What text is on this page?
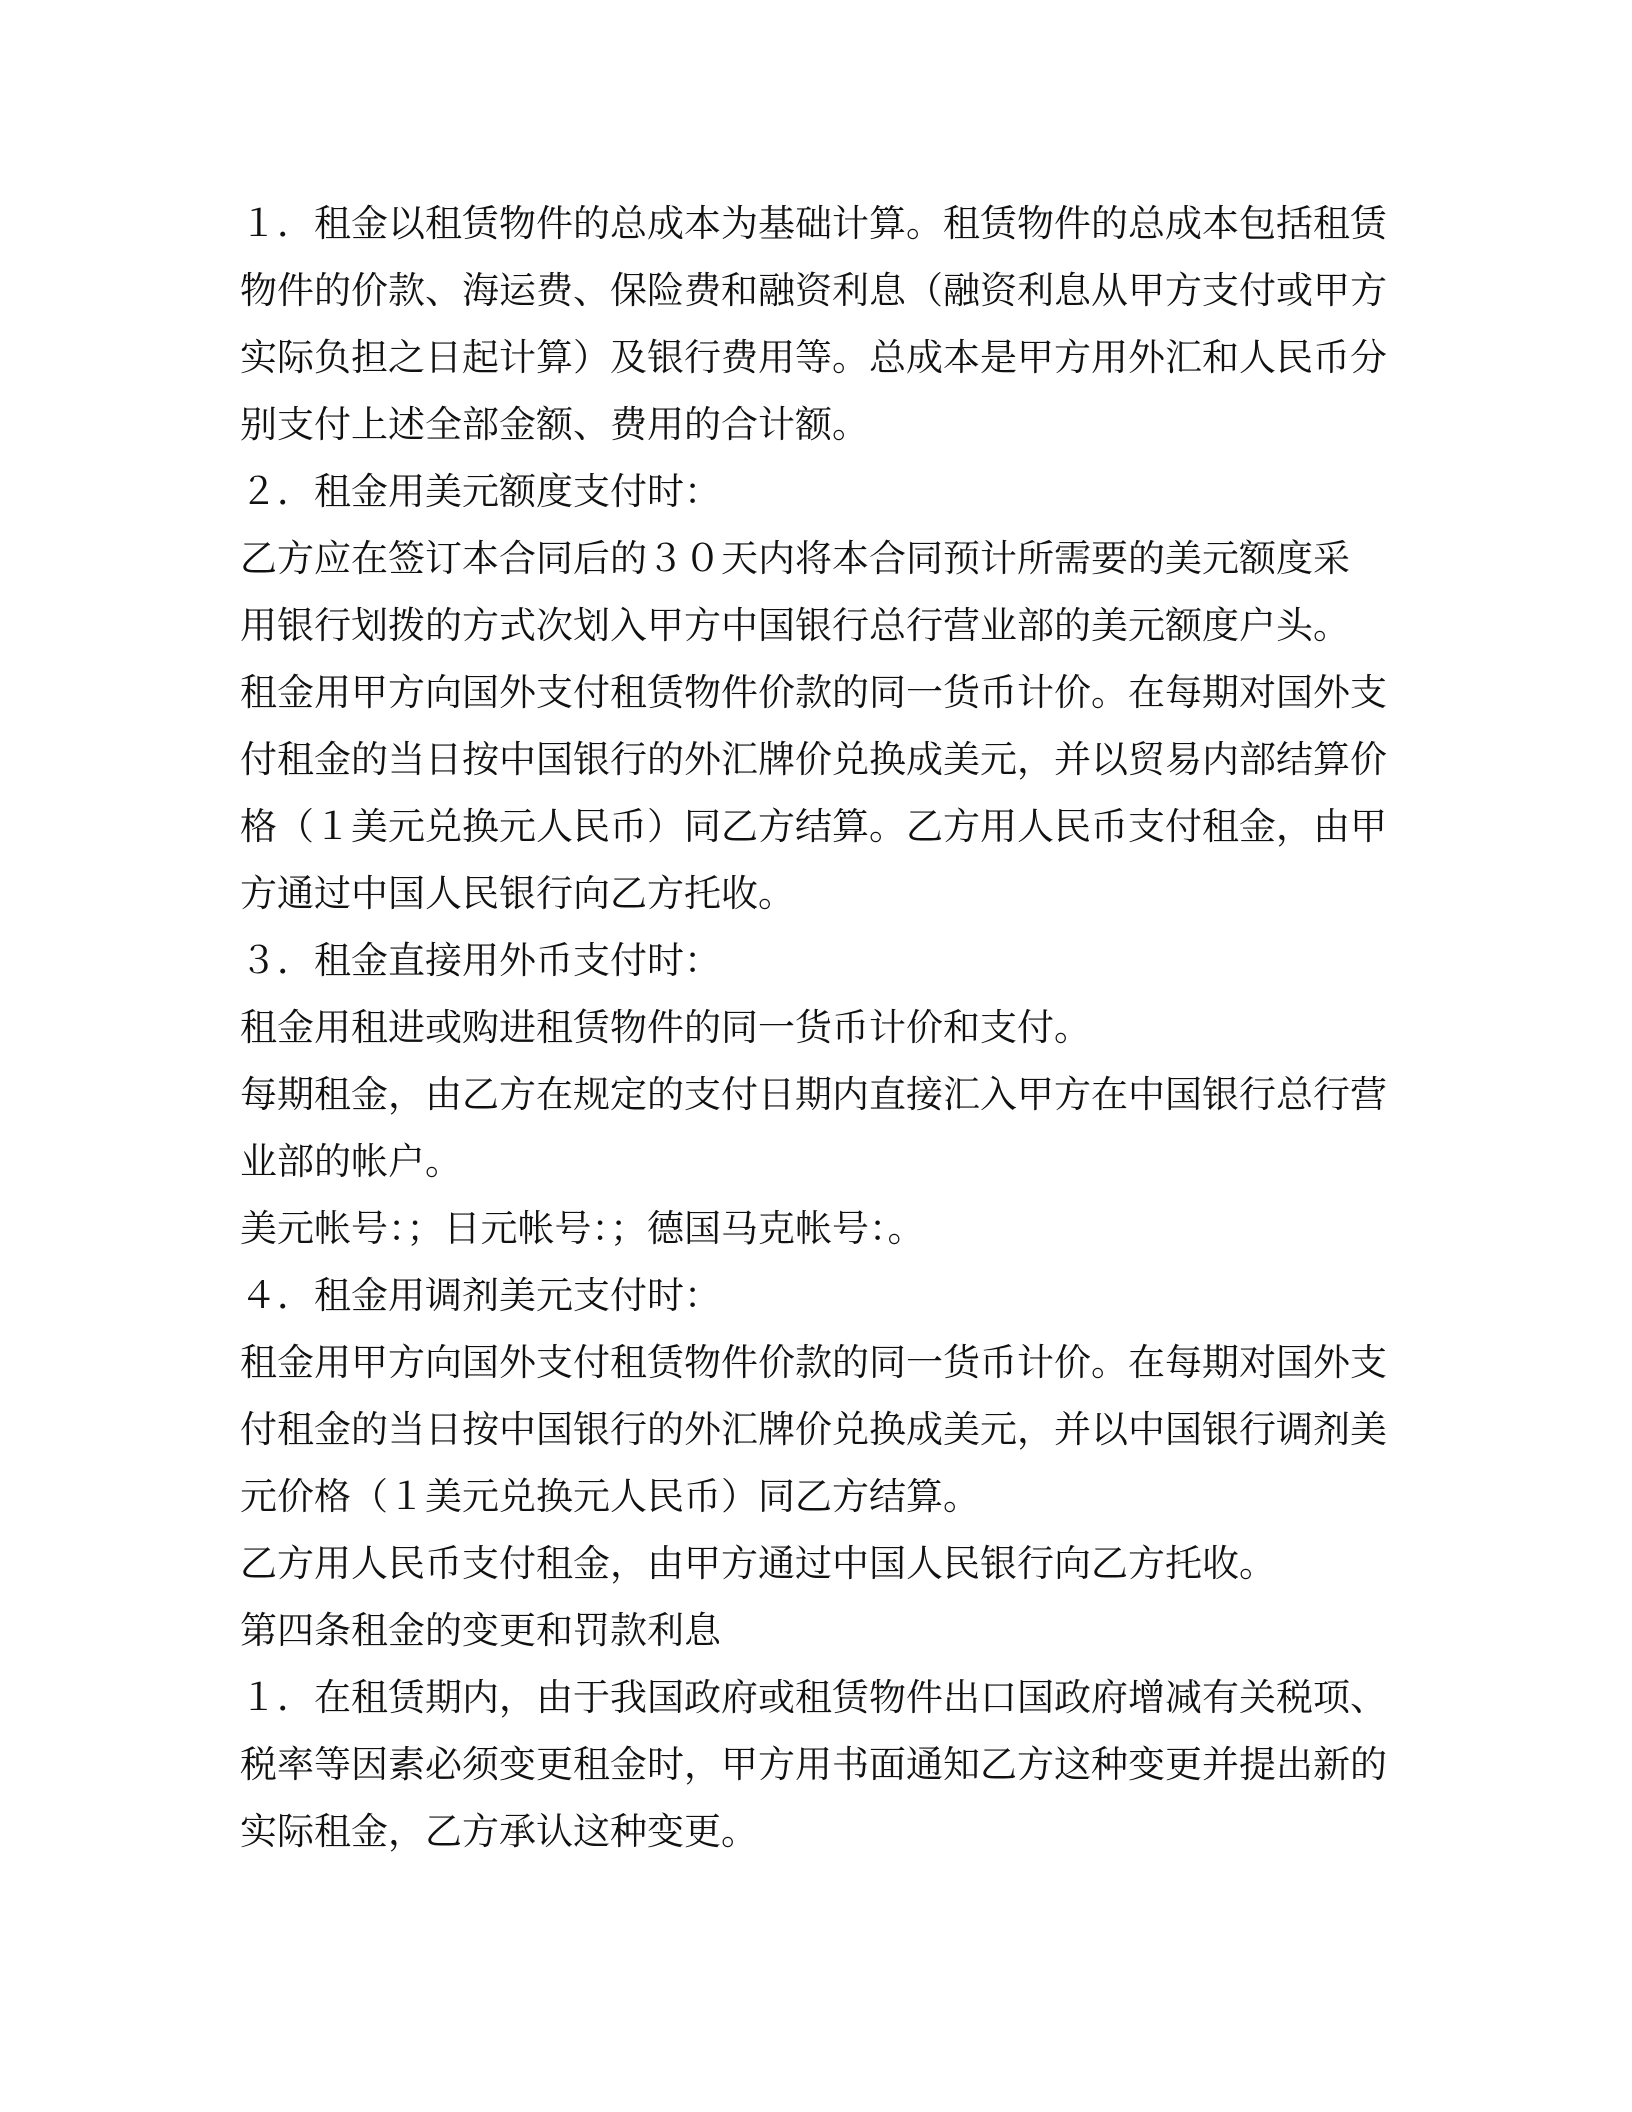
１．租金以租赁物件的总成本为基础计算。租赁物件的总成本包括租赁
物件的价款、海运费、保险费和融资利息（融资利息从甲方支付或甲方
实际负担之日起计算）及银行费用等。总成本是甲方用外汇和人民币分
别支付上述全部金额、费用的合计额。
２．租金用美元额度支付时：
乙方应在签订本合同后的３０天内将本合同预计所需要的美元额度采
用银行划拨的方式次划入甲方中国银行总行营业部的美元额度户头。
租金用甲方向国外支付租赁物件价款的同一货币计价。在每期对国外支
付租金的当日按中国银行的外汇牌价兑换成美元，并以贸易内部结算价
格（１美元兑换元人民币）同乙方结算。乙方用人民币支付租金，由甲
方通过中国人民银行向乙方托收。
３．租金直接用外币支付时：
租金用租进或购进租赁物件的同一货币计价和支付。
每期租金，由乙方在规定的支付日期内直接汇入甲方在中国银行总行营
业部的帐户。
美元帐号：；日元帐号：；德国马克帐号：。
４．租金用调剂美元支付时：
租金用甲方向国外支付租赁物件价款的同一货币计价。在每期对国外支
付租金的当日按中国银行的外汇牌价兑换成美元，并以中国银行调剂美
元价格（１美元兑换元人民币）同乙方结算。
乙方用人民币支付租金，由甲方通过中国人民银行向乙方托收。
第四条租金的变更和罚款利息
１．在租赁期内，由于我国政府或租赁物件出口国政府增减有关税项、
税率等因素必须变更租金时，甲方用书面通知乙方这种变更并提出新的
实际租金，乙方承认这种变更。
